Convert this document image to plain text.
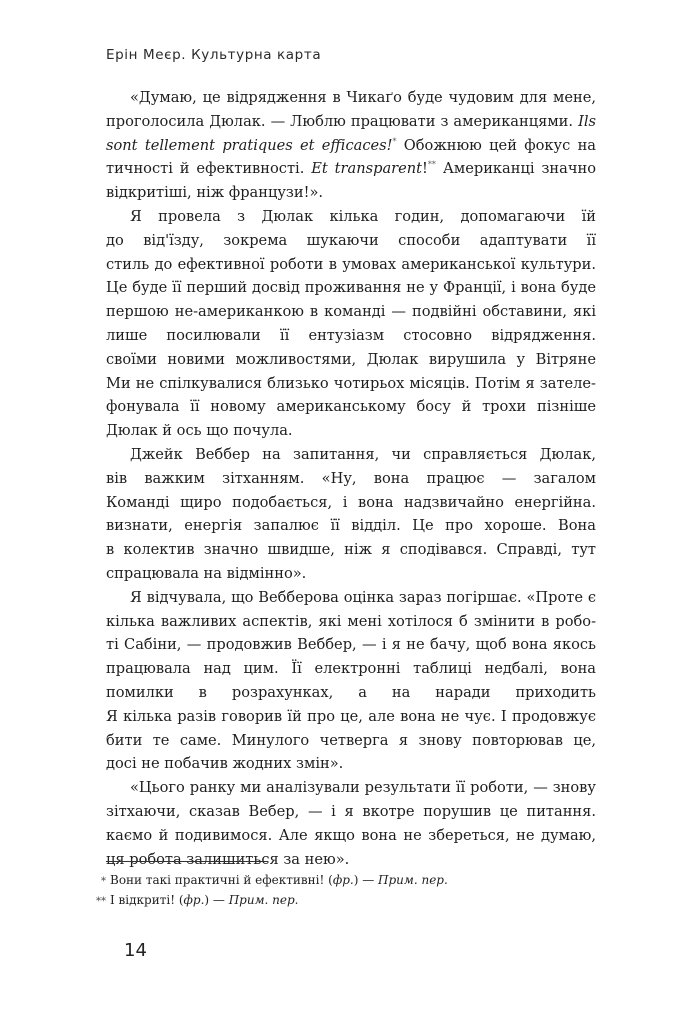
Ерін Меєр. Культурна карта
«Думаю, це відрядження в Чикаґо буде чудовим для мене,
проголосила Дюлак. — Люблю працювати з американцями. Ils
sont tellement pratiques et efficaces!* Обожнюю цей фокус на
тичності й ефективності. Et transparent!** Американці значно
відкритіші, ніж французи!».
Я провела з Дюлак кілька годин, допомагаючи їй
до від'їзду, зокрема шукаючи способи адаптувати її
стиль до ефективної роботи в умовах американської культури.
Це буде її перший досвід проживання не у Франції, і вона буде
першою не-американкою в команді — подвійні обставини, які
лише посилювали її ентузіазм стосовно відрядження.
своїми новими можливостями, Дюлак вирушила у Вітряне
Ми не спілкувалися близько чотирьох місяців. Потім я зателе-
фонувала її новому американському босу й трохи пізніше
Дюлак й ось що почула.
Джейк Веббер на запитання, чи справляється Дюлак,
вів важким зітханням. «Ну, вона працює — загалом
Команді щиро подобається, і вона надзвичайно енергійна.
визнати, енергія запалює її відділ. Це про хороше. Вона
в колектив значно швидше, ніж я сподівався. Справді, тут
спрацювала на відмінно».
Я відчувала, що Вебберова оцінка зараз погіршає. «Проте є
кілька важливих аспектів, які мені хотілося б змінити в робо-
ті Сабіни, — продовжив Веббер, — і я не бачу, щоб вона якось
працювала над цим. Її електронні таблиці недбалі, вона
помилки в розрахунках, а на наради приходить
Я кілька разів говорив їй про це, але вона не чує. І продовжує
бити те саме. Минулого четверга я знову повторював це,
досі не побачив жодних змін».
«Цього ранку ми аналізували результати її роботи, — знову
зітхаючи, сказав Вебер, — і я вкотре порушив це питання.
каємо й подивимося. Але якщо вона не збереться, не думаю,
ця робота залишиться за нею».
* Вони такі практичні й ефективні! (фр.) — Прим. пер.
** І відкриті! (фр.) — Прим. пер.
14
